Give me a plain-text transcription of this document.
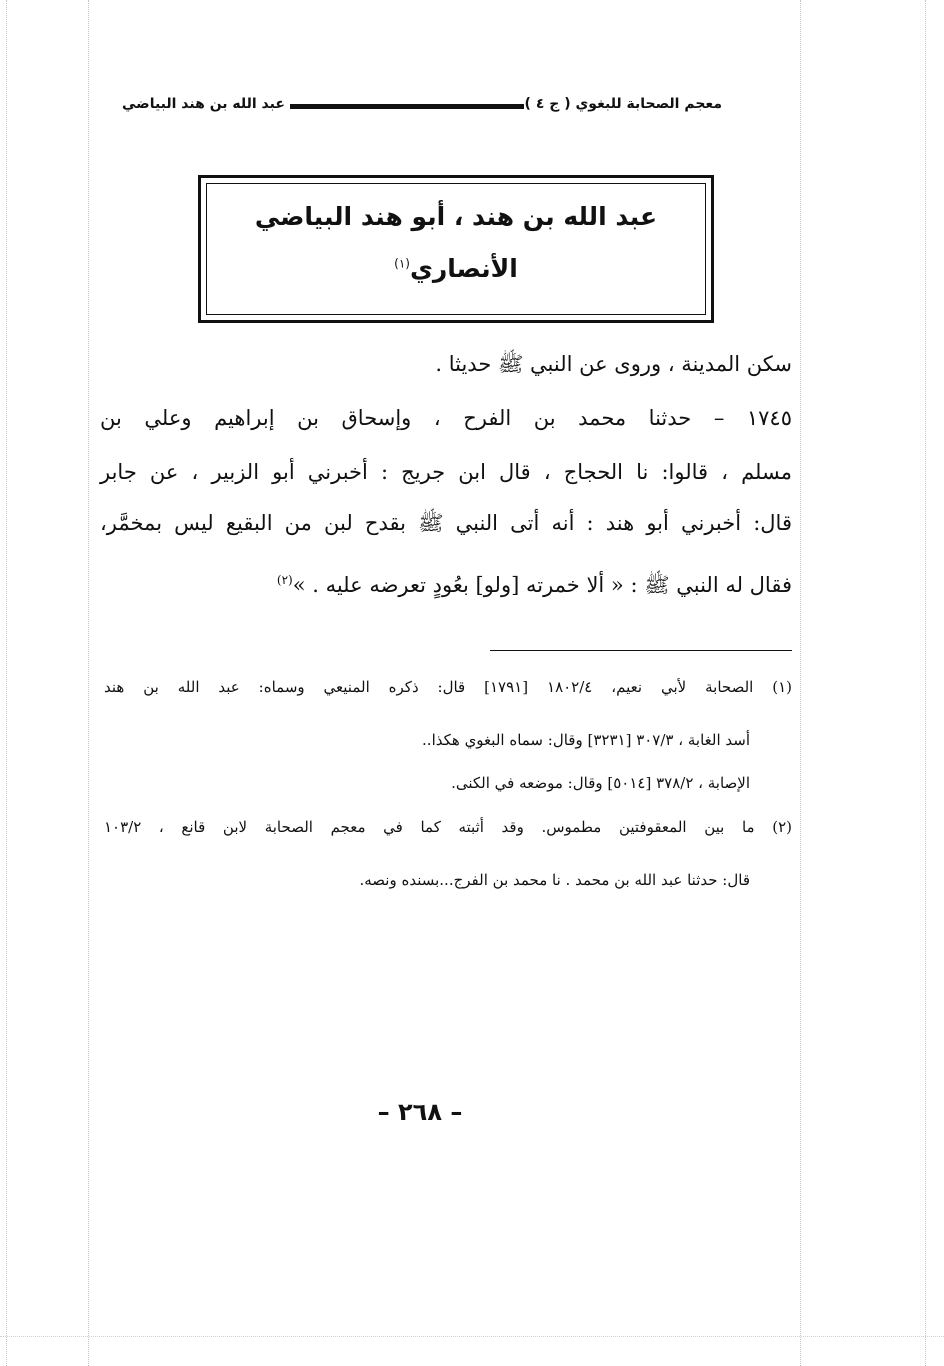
معجم الصحابة للبغوي ( ج ٤ )
عبد الله بن هند البياضي
عبد الله بن هند ، أبو هند البياضي
الأنصاري$^{(١)}$
سكن المدينة ، وروى عن النبي ﷺ حديثا .
١٧٤٥ – حدثنا محمد بن الفرح ، وإسحاق بن إبراهيم وعلي بن
مسلم ، قالوا: نا الحجاج ، قال ابن جريج : أخبرني أبو الزبير ، عن جابر
قال: أخبرني أبو هند : أنه أتى النبي ﷺ بقدح لبن من البقيع ليس بمخمَّر،
فقال له النبي ﷺ : « ألا خمرته [ولو] بعُودٍ تعرضه عليه . »$^{(٢)}$
(١) الصحابة لأبي نعيم، ١٨٠٢/٤ [١٧٩١] قال: ذكره المنيعي وسماه: عبد الله بن هند
أسد الغابة ، ٣٠٧/٣ [٣٢٣١] وقال: سماه البغوي هكذا..
الإصابة ، ٣٧٨/٢ [٥٠١٤] وقال: موضعه في الكنى.
(٢) ما بين المعقوفتين مطموس. وقد أثبته كما في معجم الصحابة لابن قانع ، ١٠٣/٢
قال: حدثنا عبد الله بن محمد . نا محمد بن الفرج...بسنده ونصه.
– ٢٦٨ –
